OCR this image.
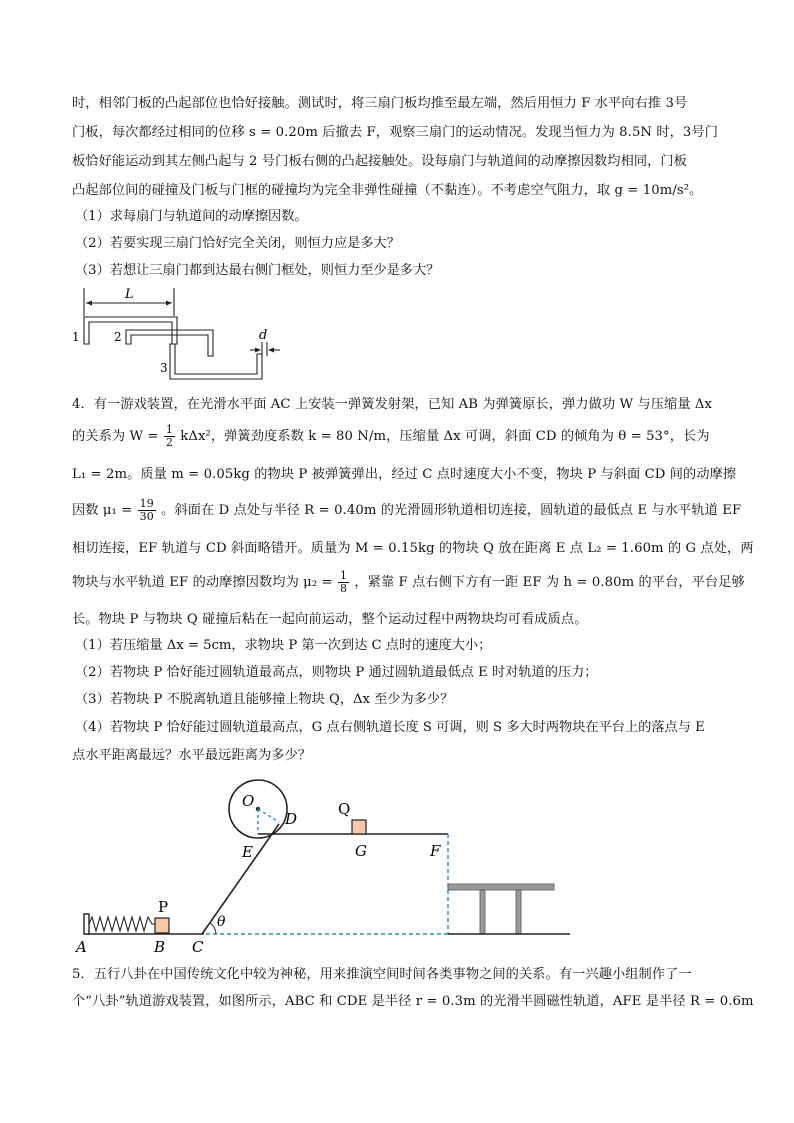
时，相邻门板的凸起部位也恰好接触。测试时，将三扇门板均推至最左端，然后用恒力 F 水平向右推 3号
门板，每次都经过相同的位移 s = 0.20m 后撤去 F，观察三扇门的运动情况。发现当恒力为 8.5N 时，3号门
板恰好能运动到其左侧凸起与 2 号门板右侧的凸起接触处。设每扇门与轨道间的动摩擦因数均相同，门板
凸起部位间的碰撞及门板与门框的碰撞均为完全非弹性碰撞（不黏连）。不考虑空气阻力，取 g = 10m/s²。
（1）求每扇门与轨道间的动摩擦因数。
（2）若要实现三扇门恰好完全关闭，则恒力应是多大？
（3）若想让三扇门都到达最右侧门框处，则恒力至少是多大？
L
d
1	2
3
4．有一游戏装置，在光滑水平面 AC 上安装一弹簧发射架，已知 AB 为弹簧原长，弹力做功 W 与压缩量 Δx
的关系为 $W = \frac{1}{2} k\Delta x^2$，弹簧劲度系数 k = 80 N/m，压缩量 Δx 可调，斜面 CD 的倾角为 θ = 53°，长为
L₁ = 2m。质量 m = 0.05kg 的物块 P 被弹簧弹出，经过 C 点时速度大小不变，物块 P 与斜面 CD 间的动摩擦
因数 $\mu_1 = \frac{19}{30}$ 。斜面在 D 点处与半径 R = 0.40m 的光滑圆形轨道相切连接，圆轨道的最低点 E 与水平轨道 EF
相切连接，EF 轨道与 CD 斜面略错开。质量为 M = 0.15kg 的物块 Q 放在距离 E 点 L₂ = 1.60m 的 G 点处，两
物块与水平轨道 EF 的动摩擦因数均为 $\mu_2 = \frac{1}{8}$ ，紧靠 F 点右侧下方有一距 EF 为 h = 0.80m 的平台，平台足够
长。物块 P 与物块 Q 碰撞后粘在一起向前运动，整个运动过程中两物块均可看成质点。
（1）若压缩量 Δx = 5cm，求物块 P 第一次到达 C 点时的速度大小；
（2）若物块 P 恰好能过圆轨道最高点，则物块 P 通过圆轨道最低点 E 时对轨道的压力；
（3）若物块 P 不脱离轨道且能够撞上物块 Q，Δx 至少为多少？
（4）若物块 P 恰好能过圆轨道最高点，G 点右侧轨道长度 S 可调，则 S 多大时两物块在平台上的落点与 E
点水平距离最远？水平最远距离为多少？
O
D
E
Q
G	F
P
A	B C
θ
5．五行八卦在中国传统文化中较为神秘，用来推演空间时间各类事物之间的关系。有一兴趣小组制作了一
个“八卦”轨道游戏装置，如图所示，ABC 和 CDE 是半径 r = 0.3m 的光滑半圆磁性轨道，AFE 是半径 R = 0.6m
